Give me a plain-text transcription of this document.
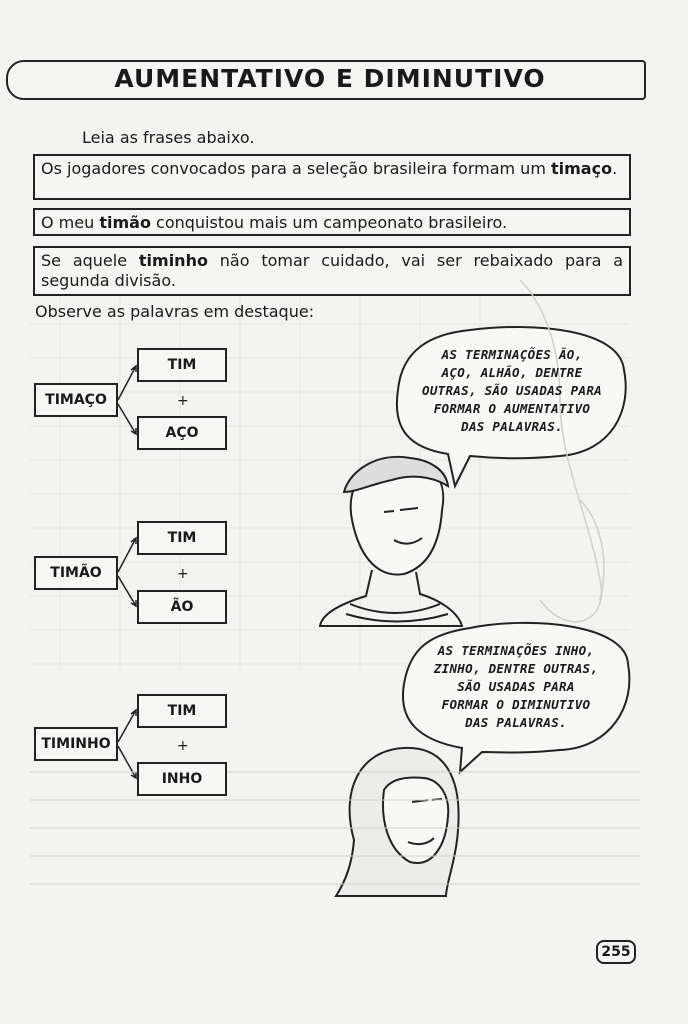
AUMENTATIVO E DIMINUTIVO
Leia as frases abaixo.
Os jogadores convocados para a seleção brasileira formam um timaço.
O meu timão conquistou mais um campeonato brasileiro.
Se aquele timinho não tomar cuidado, vai ser rebaixado para a segunda divisão.
Observe as palavras em destaque:
TIMAÇO
TIM
+
AÇO
TIMÃO
TIM
+
ÃO
TIMINHO
TIM
+
INHO
AS TERMINAÇÕES ÃO,
AÇO, ALHÃO, DENTRE
OUTRAS, SÃO USADAS PARA
FORMAR O AUMENTATIVO
DAS PALAVRAS.
AS TERMINAÇÕES INHO,
ZINHO, DENTRE OUTRAS,
SÃO USADAS PARA
FORMAR O DIMINUTIVO
DAS PALAVRAS.
255
